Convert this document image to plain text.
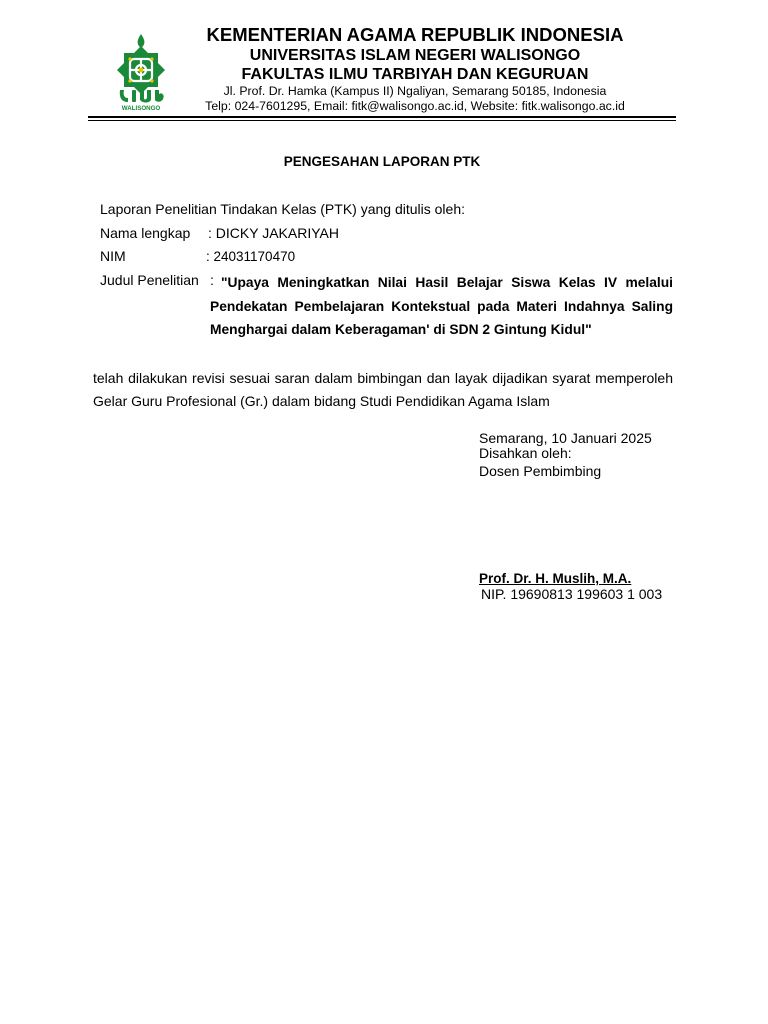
WALISONGO
KEMENTERIAN AGAMA REPUBLIK INDONESIA
UNIVERSITAS ISLAM NEGERI WALISONGO
FAKULTAS ILMU TARBIYAH DAN KEGURUAN
Jl. Prof. Dr. Hamka (Kampus II) Ngaliyan, Semarang 50185, Indonesia
Telp: 024-7601295, Email: fitk@walisongo.ac.id, Website: fitk.walisongo.ac.id
PENGESAHAN LAPORAN PTK
Laporan Penelitian Tindakan Kelas (PTK) yang ditulis oleh:
Nama lengkap : DICKY JAKARIYAH
NIM	: 24031170470
Judul Penelitian : "Upaya Meningkatkan Nilai Hasil Belajar Siswa Kelas IV melalui Pendekatan Pembelajaran Kontekstual pada Materi Indahnya Saling Menghargai dalam Keberagaman' di SDN 2 Gintung Kidul"
telah dilakukan revisi sesuai saran dalam bimbingan dan layak dijadikan syarat memperoleh Gelar Guru Profesional (Gr.) dalam bidang Studi Pendidikan Agama Islam
Semarang, 10 Januari 2025
Disahkan oleh:
Dosen Pembimbing
Prof. Dr. H. Muslih, M.A.
NIP. 19690813 199603 1 003
